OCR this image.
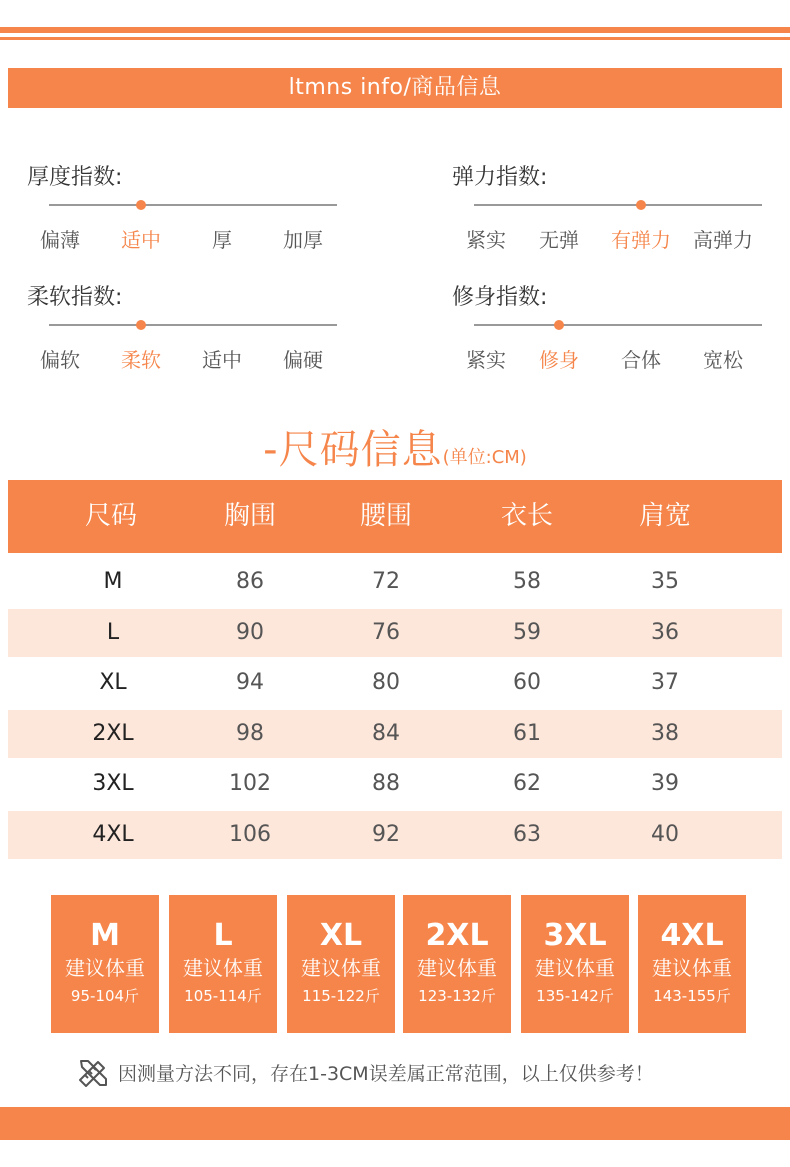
ltmns info/商品信息
厚度指数:
偏薄	适中	厚	加厚
弹力指数:
紧实	无弹	有弹力 高弹力
柔软指数:
偏软	柔软	适中	偏硬
修身指数:
紧实	修身	合体	宽松
-尺码信息(单位:CM)
尺码	胸围	腰围	衣长	肩宽
M	86	72	58	35
L	90	76	59	36
XL	94	80	60	37
2XL	98	84	61	38
3XL	102	88	62	39
4XL	106	92	63	40
M
建议体重
95-104斤
L
建议体重
105-114斤
XL
建议体重
115-122斤
2XL
建议体重
123-132斤
3XL
建议体重
135-142斤
4XL
建议体重
143-155斤
因测量方法不同，存在1-3CM误差属正常范围，以上仅供参考！
